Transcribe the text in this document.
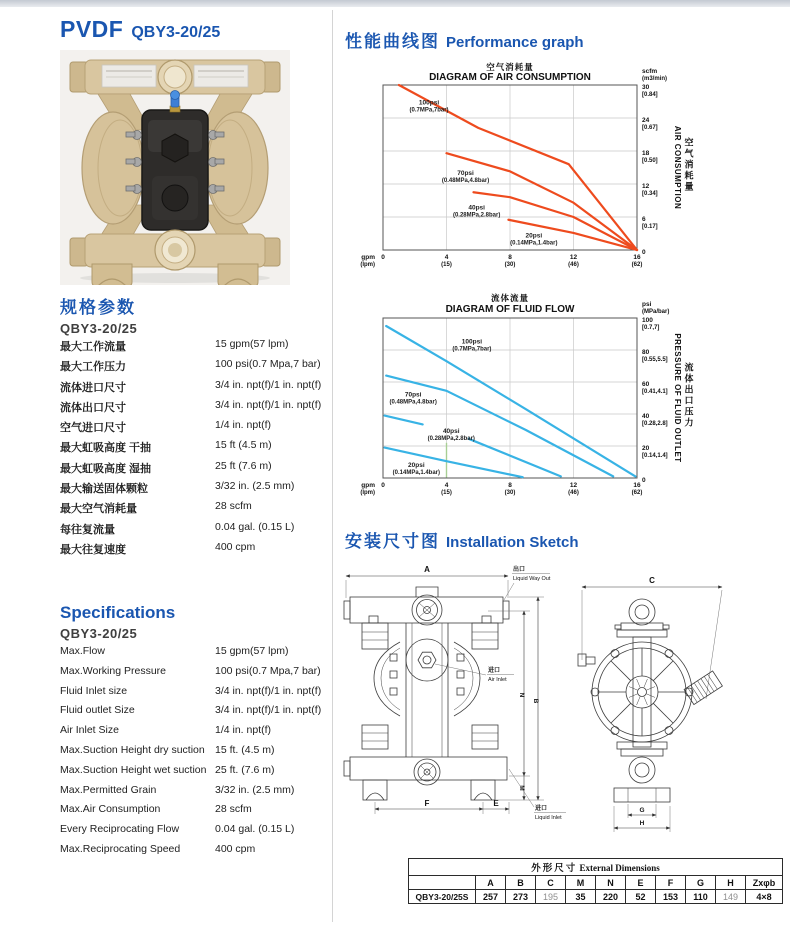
PVDF QBY3-20/25
规格参数
QBY3-20/25
最大工作流量	15 gpm(57 lpm)
最大工作压力	100 psi(0.7 Mpa,7 bar)
流体进口尺寸	3/4 in. npt(f)/1 in. npt(f)
流体出口尺寸	3/4 in. npt(f)/1 in. npt(f)
空气进口尺寸	1/4 in. npt(f)
最大虹吸高度 干抽	15 ft (4.5 m)
最大虹吸高度 湿抽	25 ft (7.6 m)
最大输送固体颗粒	3/32 in. (2.5 mm)
最大空气消耗量	28 scfm
每往复流量	0.04 gal. (0.15 L)
最大往复速度	400 cpm
Specifications
QBY3-20/25
Max.Flow	15 gpm(57 lpm)
Max.Working Pressure	100 psi(0.7 Mpa,7 bar)
Fluid Inlet size	3/4 in. npt(f)/1 in. npt(f)
Fluid outlet Size	3/4 in. npt(f)/1 in. npt(f)
Air Inlet Size	1/4 in. npt(f)
Max.Suction Height dry suction 15 ft. (4.5 m)
Max.Suction Height wet suction 25 ft. (7.6 m)
Max.Permitted Grain	3/32 in. (2.5 mm)
Max.Air Consumption	28 scfm
Every Reciprocating Flow	0.04 gal. (0.15 L)
Max.Reciprocating Speed	400 cpm
性能曲线图 Performance graph
空气消耗量
DIAGRAM OF AIR CONSUMPTION
0	4
(15)
8
(30)
12
(46)
16
(62)
gpm
(lpm)
scfm
(m3/min)
30
[0.84]
24
[0.67]
18
[0.50]
12
[0.34]
6
[0.17]
0
AIR CONSUMPTION 空
气
消
耗
量
100psi
(0.7MPa,7bar)
70psi
(0.48MPa,4.8bar)
40psi
(0.28MPa,2.8bar)
20psi
(0.14MPa,1.4bar)
流体流量
DIAGRAM OF FLUID FLOW
0	4
(15)
8
(30)
12
(46)
16
(62)
gpm
(lpm)
psi
(MPa/bar)
100
[0.7,7]
80
[0.55,5.5]
60
[0.41,4.1]
40
[0.28,2.8]
20
[0.14,1.4]
0
PRESSURE OF FLUID OUTLET 流
体
出
口
压
力
100psi
(0.7MPa,7bar)
70psi
(0.48MPa,4.8bar)
40psi
(0.28MPa,2.8bar)
20psi
(0.14MPa,1.4bar)
安装尺寸图 Installation Sketch
A
F	E
N
B
M
出口
Liquid Way Out
进口
Air Inlet
进口
Liquid Inlet
C
G
H
外形尺寸 External Dimensions										
	A	B	C	M	N	E	F	G	H	Zxφb
QBY3-20/25S	257	273	195	35	220	52	153	110	149	4×8
